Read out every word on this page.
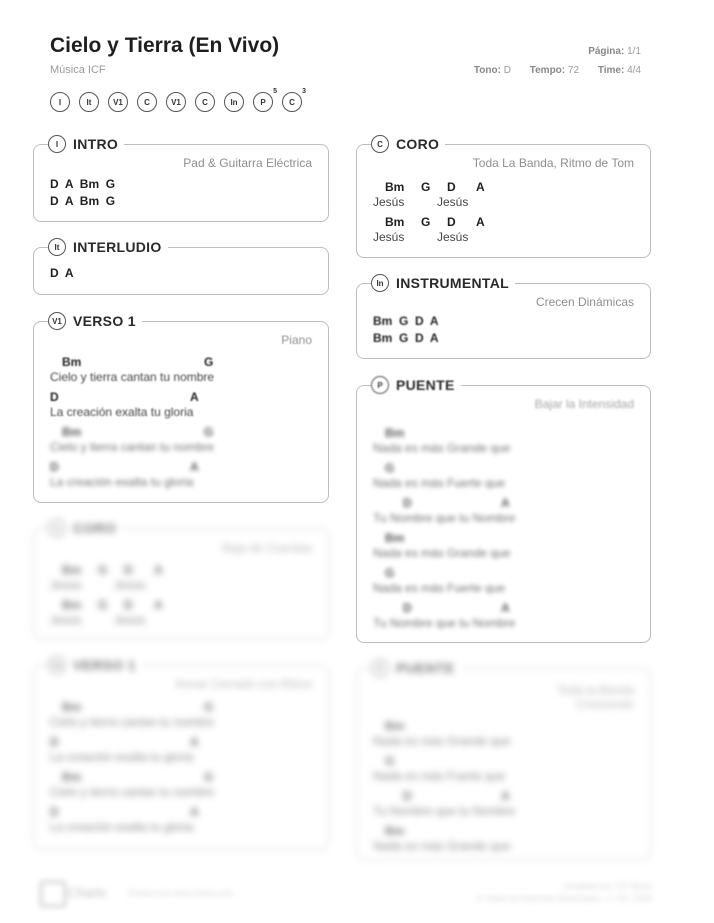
Cielo y Tierra (En Vivo)
Música ICF
Página: 1/1
Tono: D Tempo: 72 Time: 4/4
I	It	V1	C	V1	C	In	P
5
C
3
I	INTRO
Pad & Guitarra Eléctrica
D  A  Bm  G
D  A  Bm  G
It INTERLUDIO
D  A
V1 VERSO 1
Piano
Bm	G
Cielo y tierra cantan tu nombre
D	A
La creación exalta tu gloria
Bm	G
Cielo y tierra cantan tu nombre
D	A
La creación exalta tu gloria
C CORO
Baja de Cuerdas
Bm G D A
Jesús	Jesús
Bm G D A
Jesús	Jesús
V1 VERSO 1
Armar Cerrado con Ritmo
Bm	G
Cielo y tierra cantan tu nombre
D	A
La creación exalta tu gloria
Bm	G
Cielo y tierra cantan tu nombre
D	A
La creación exalta tu gloria
C CORO
Toda La Banda, Ritmo de Tom
Bm G D A
Jesús	Jesús
Bm G D A
Jesús	Jesús
In INSTRUMENTAL
Crecen Dinámicas
Bm  G  D  A
Bm  G  D  A
P PUENTE
Bajar la Intensidad
Bm
Nada es más Grande que
G
Nada es más Fuerte que
D	A
Tu Nombre que tu Nombre
Bm
Nada es más Grande que
G
Nada es más Fuerte que
D	A
Tu Nombre que tu Nombre
P PUENTE
Toda la Banda
Crescendo
Bm
Nada es más Grande que
G
Nada es más Fuerte que
D	A
Tu Nombre que tu Nombre
Bm
Nada es más Grande que
Charts	iCharts.com www.icharts.com
Arreglado por: ICF Music
© Todos los Derechos Reservados · 1 / 55 / 2024
